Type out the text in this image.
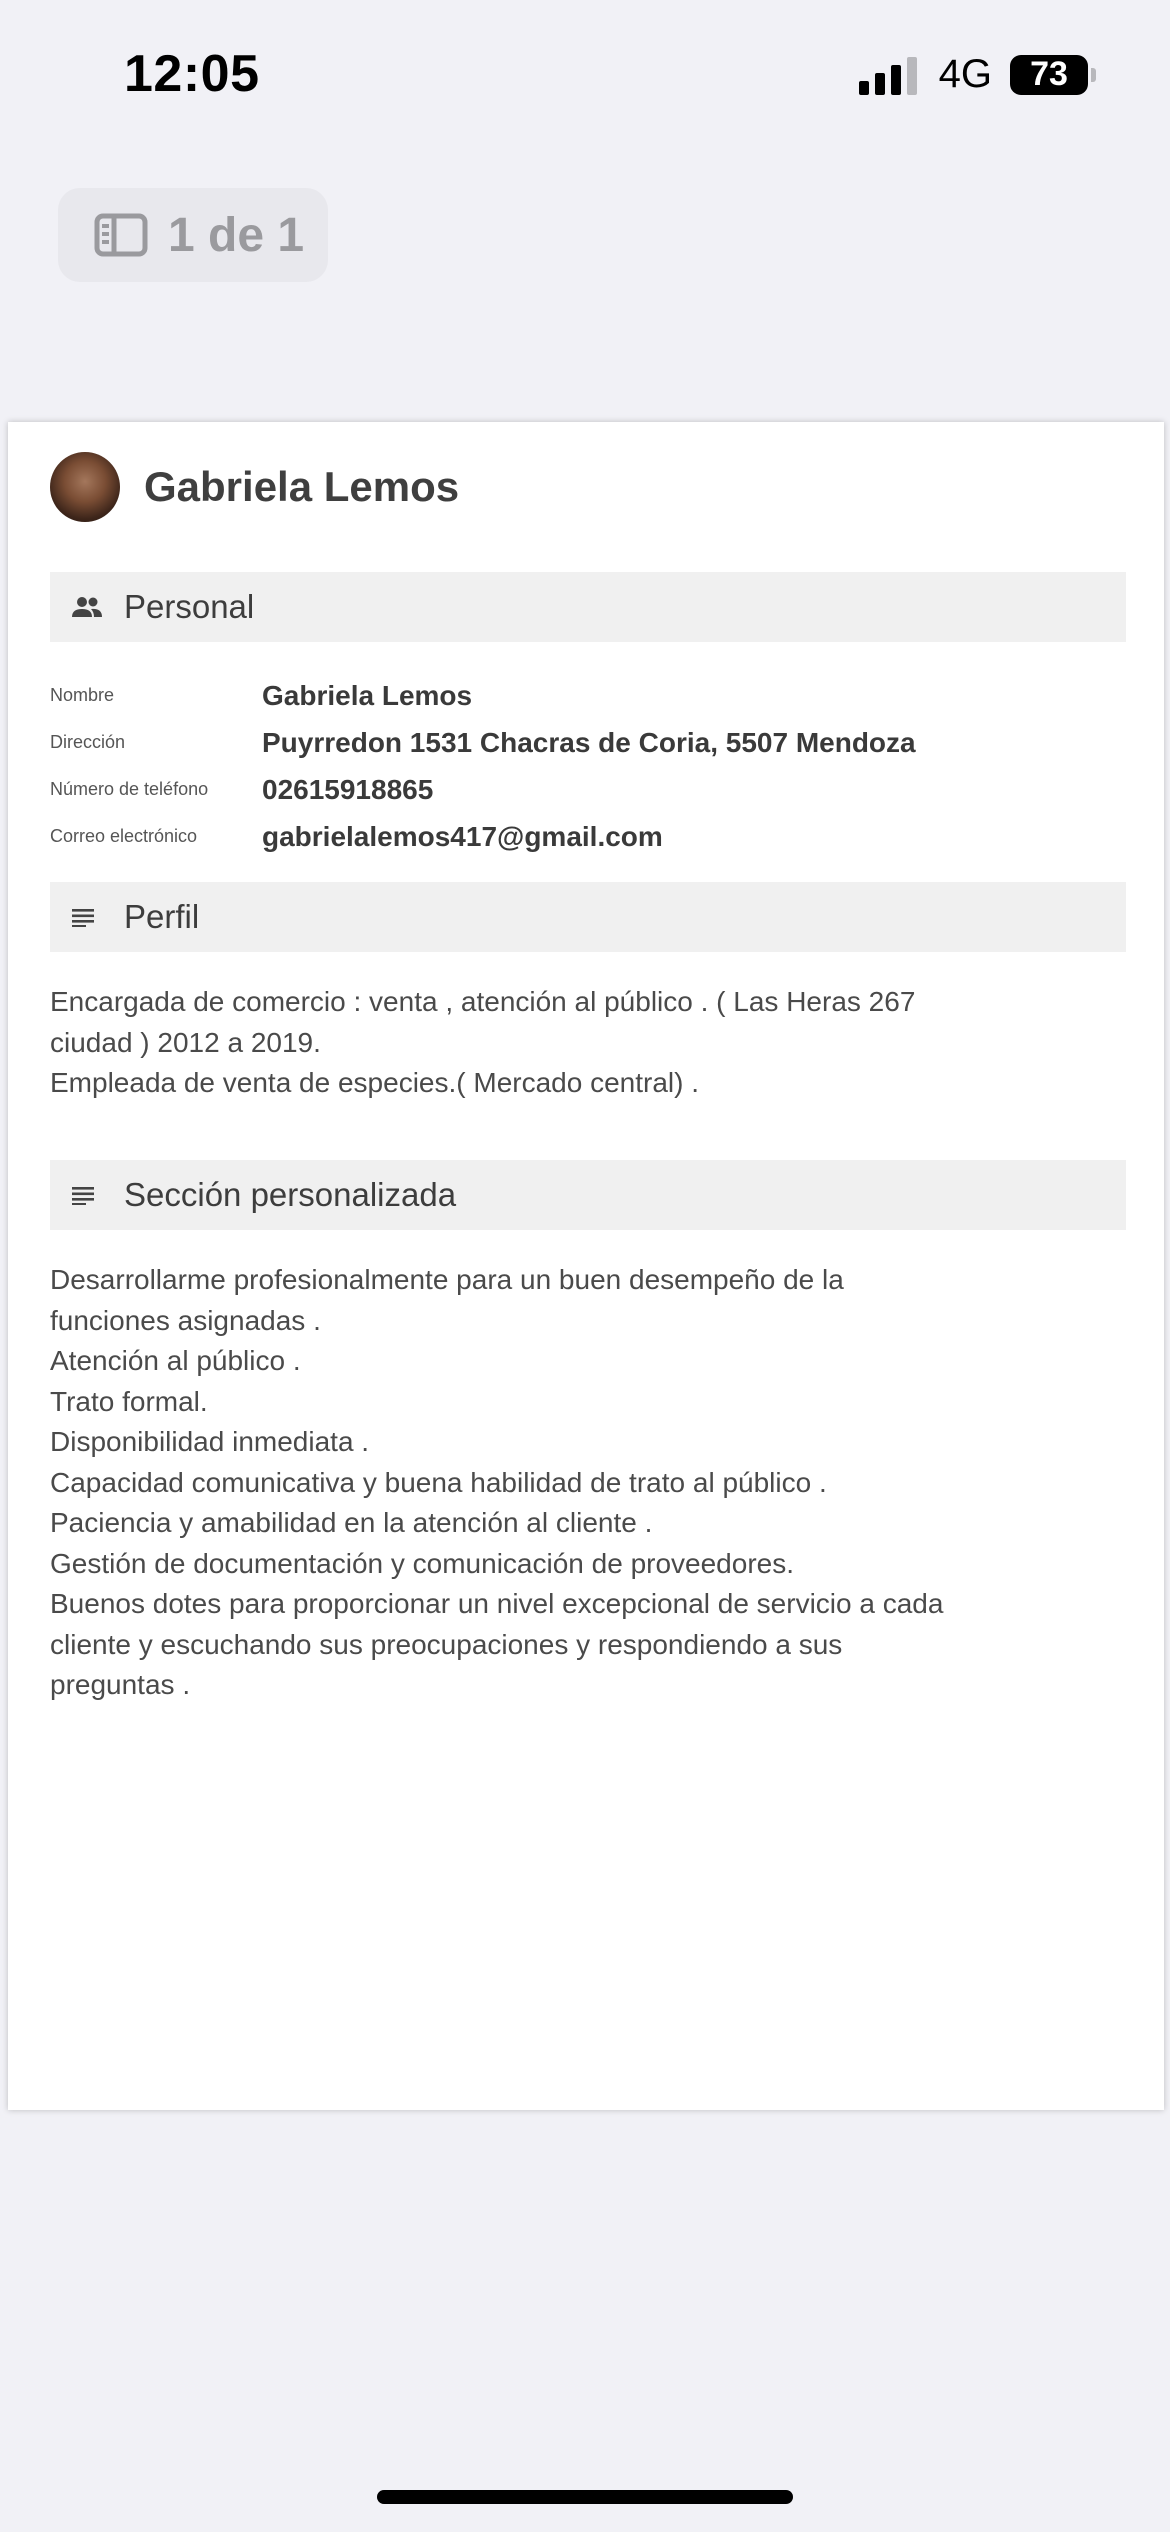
12:05	4G 73
1 de 1
Gabriela Lemos
Personal
Nombre	Gabriela Lemos
Dirección	Puyrredon 1531 Chacras de Coria, 5507 Mendoza
Número de teléfono	02615918865
Correo electrónico	gabrielalemos417@gmail.com
Perfil
Encargada de comercio : venta , atención al público . ( Las Heras 267
ciudad ) 2012 a 2019.
Empleada de venta de especies.( Mercado central) .
Sección personalizada
Desarrollarme profesionalmente para un buen desempeño de la
funciones asignadas .
Atención al público .
Trato formal.
Disponibilidad inmediata .
Capacidad comunicativa y buena habilidad de trato al público .
Paciencia y amabilidad en la atención al cliente .
Gestión de documentación y comunicación de proveedores.
Buenos dotes para proporcionar un nivel excepcional de servicio a cada
cliente y escuchando sus preocupaciones y respondiendo a sus
preguntas .
